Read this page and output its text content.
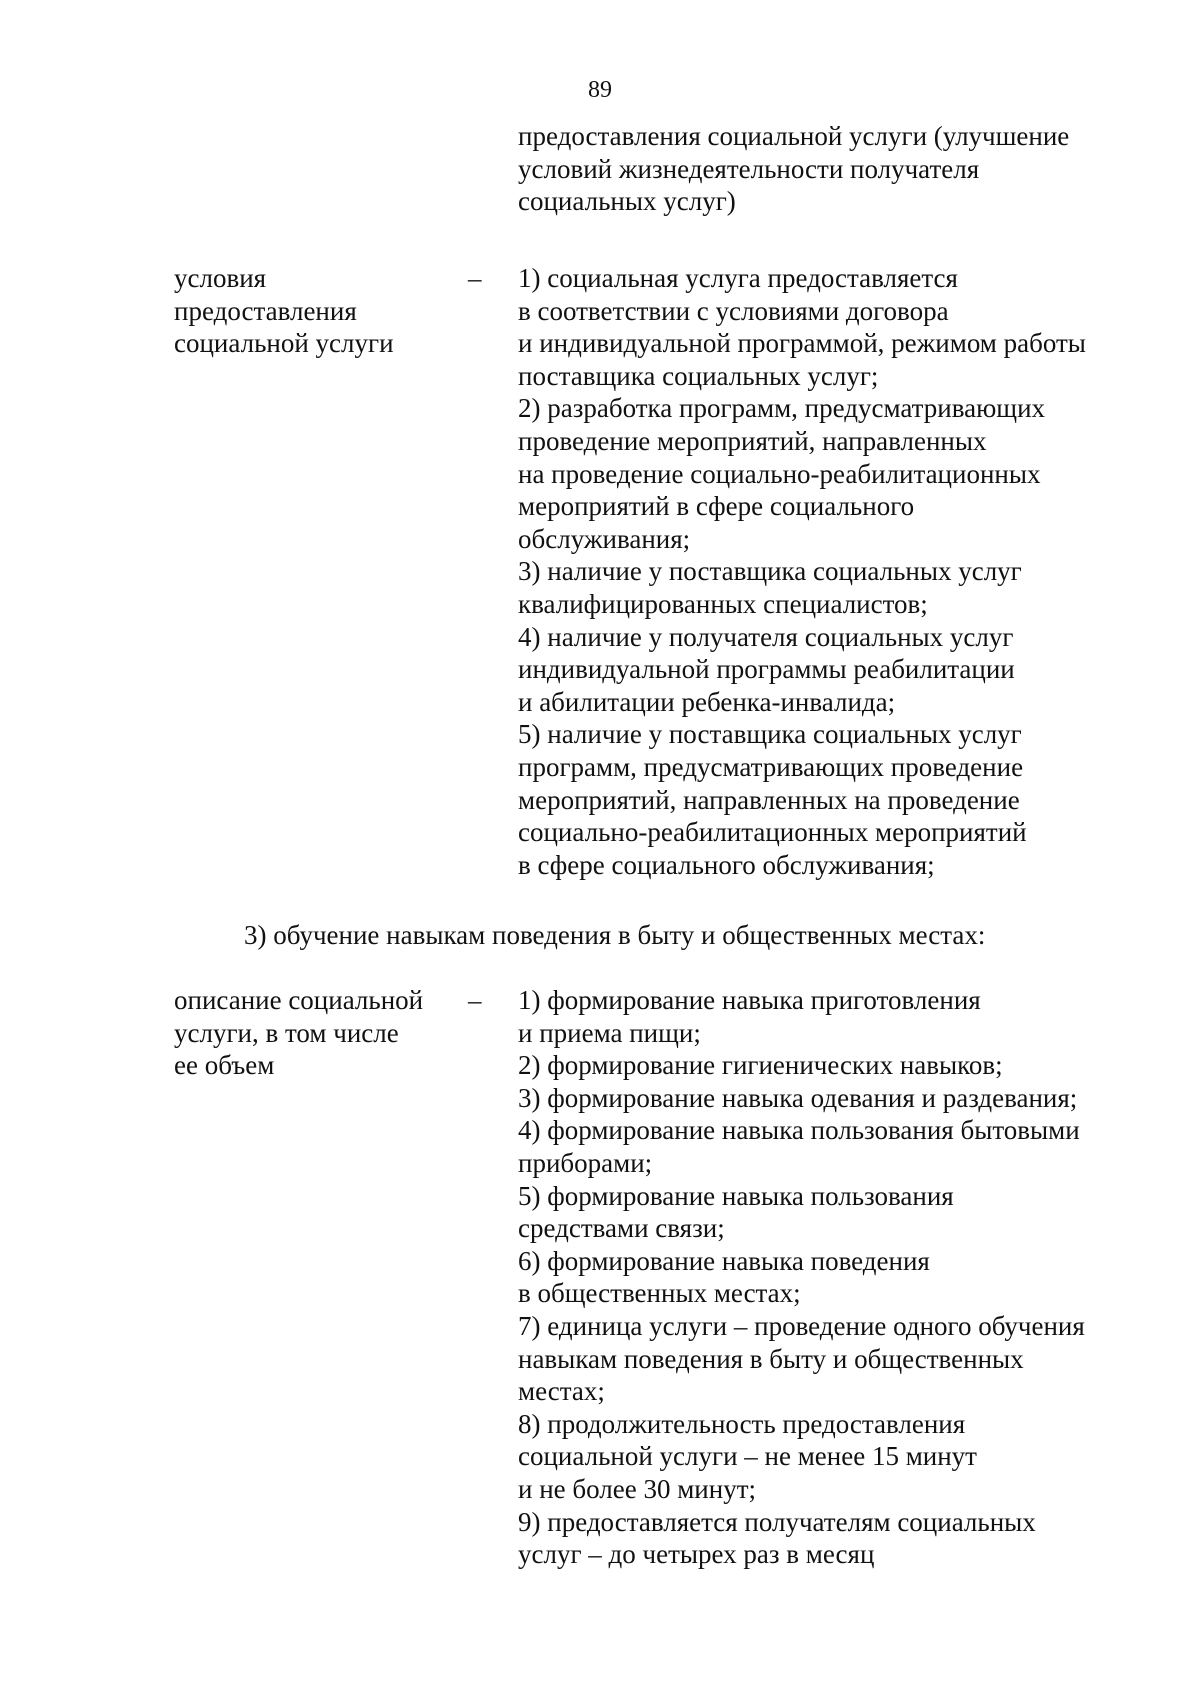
89
предоставления социальной услуги (улучшение
условий жизнедеятельности получателя
социальных услуг)
условия
предоставления
социальной услуги
– 1) социальная услуга предоставляется
в соответствии с условиями договора
и индивидуальной программой, режимом работы
поставщика социальных услуг;
2) разработка программ, предусматривающих
проведение мероприятий, направленных
на проведение социально-реабилитационных
мероприятий в сфере социального
обслуживания;
3) наличие у поставщика социальных услуг
квалифицированных специалистов;
4) наличие у получателя социальных услуг
индивидуальной программы реабилитации
и абилитации ребенка-инвалида;
5) наличие у поставщика социальных услуг
программ, предусматривающих проведение
мероприятий, направленных на проведение
социально-реабилитационных мероприятий
в сфере социального обслуживания;
3) обучение навыкам поведения в быту и общественных местах:
описание социальной
услуги, в том числе
ее объем
– 1) формирование навыка приготовления
и приема пищи;
2) формирование гигиенических навыков;
3) формирование навыка одевания и раздевания;
4) формирование навыка пользования бытовыми
приборами;
5) формирование навыка пользования
средствами связи;
6) формирование навыка поведения
в общественных местах;
7) единица услуги – проведение одного обучения
навыкам поведения в быту и общественных
местах;
8) продолжительность предоставления
социальной услуги – не менее 15 минут
и не более 30 минут;
9) предоставляется получателям социальных
услуг – до четырех раз в месяц
